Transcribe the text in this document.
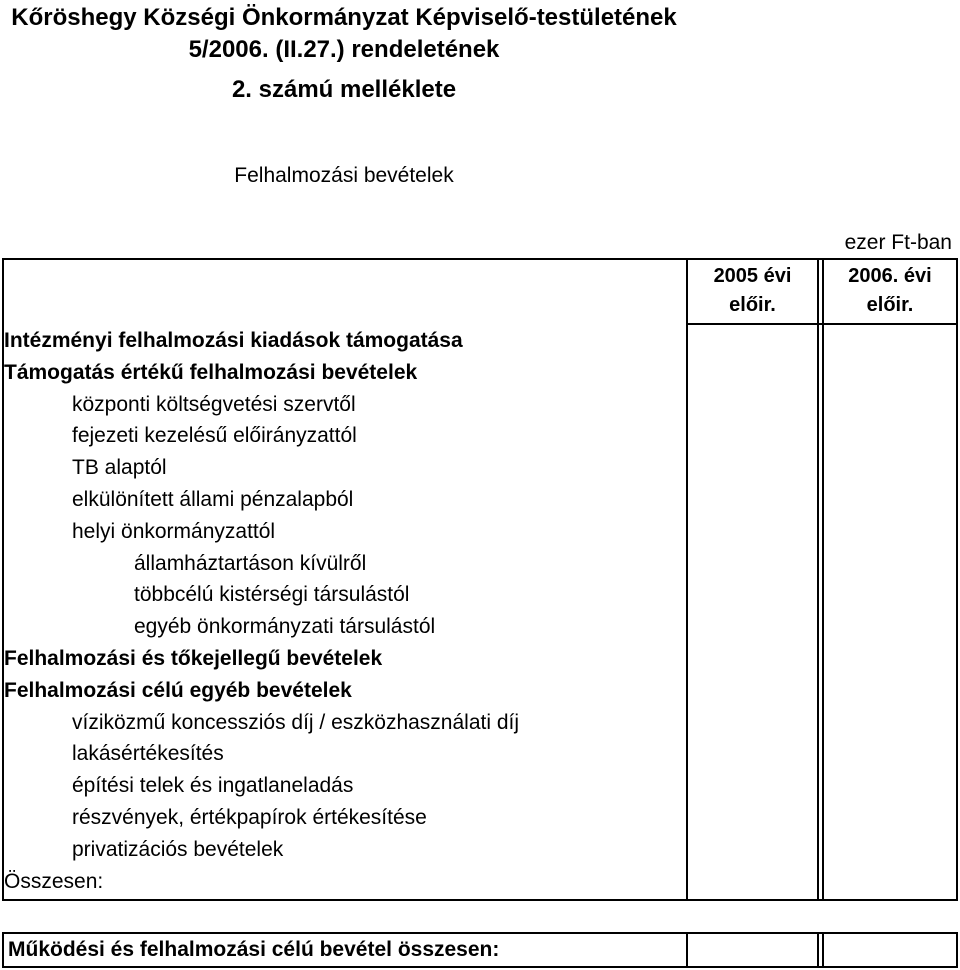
Kőröshegy Községi Önkormányzat Képviselő-testületének
5/2006. (II.27.) rendeletének
2. számú melléklete
Felhalmozási bevételek
ezer Ft-ban
2005 évi
előir.
2006. évi
előir.
Intézményi felhalmozási kiadások támogatása
Támogatás értékű felhalmozási bevételek
központi költségvetési szervtől
fejezeti kezelésű előirányzattól
TB alaptól
elkülönített állami pénzalapból
helyi önkormányzattól
államháztartáson kívülről
többcélú kistérségi társulástól
egyéb önkormányzati társulástól
Felhalmozási és tőkejellegű bevételek
Felhalmozási célú egyéb bevételek
víziközmű koncessziós díj / eszközhasználati díj
lakásértékesítés
építési telek és ingatlaneladás
részvények, értékpapírok értékesítése
privatizációs bevételek
Összesen:
Működési és felhalmozási célú bevétel összesen:
